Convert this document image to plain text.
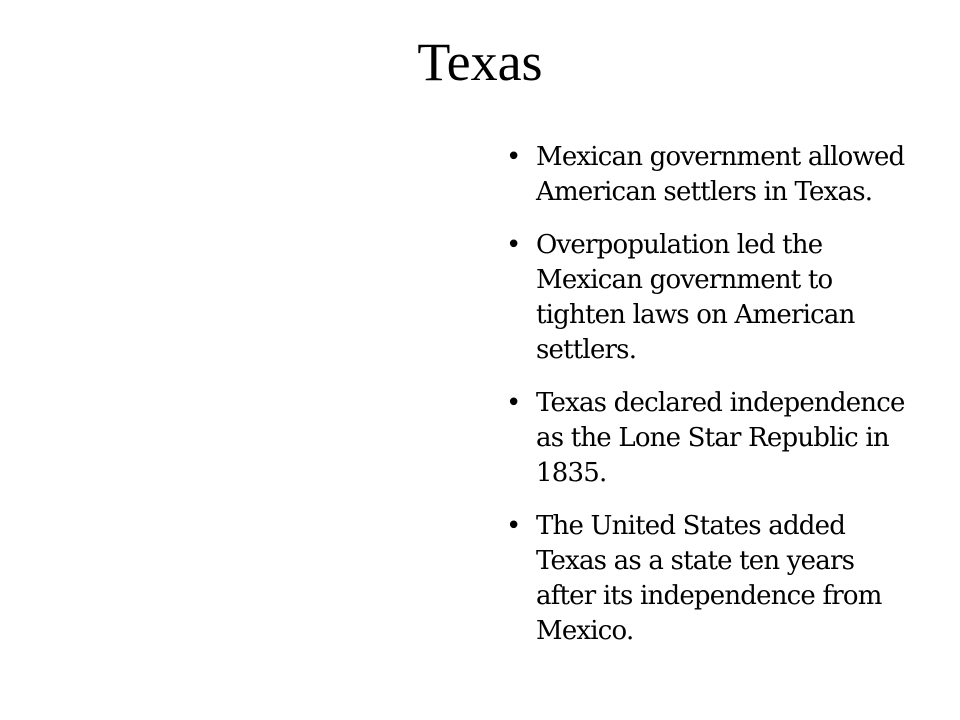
Texas
• Mexican government allowed American settlers in Texas.
• Overpopulation led the Mexican government to tighten laws on American settlers.
• Texas declared independence as the Lone Star Republic in 1835.
• The United States added Texas as a state ten years after its independence from Mexico.
